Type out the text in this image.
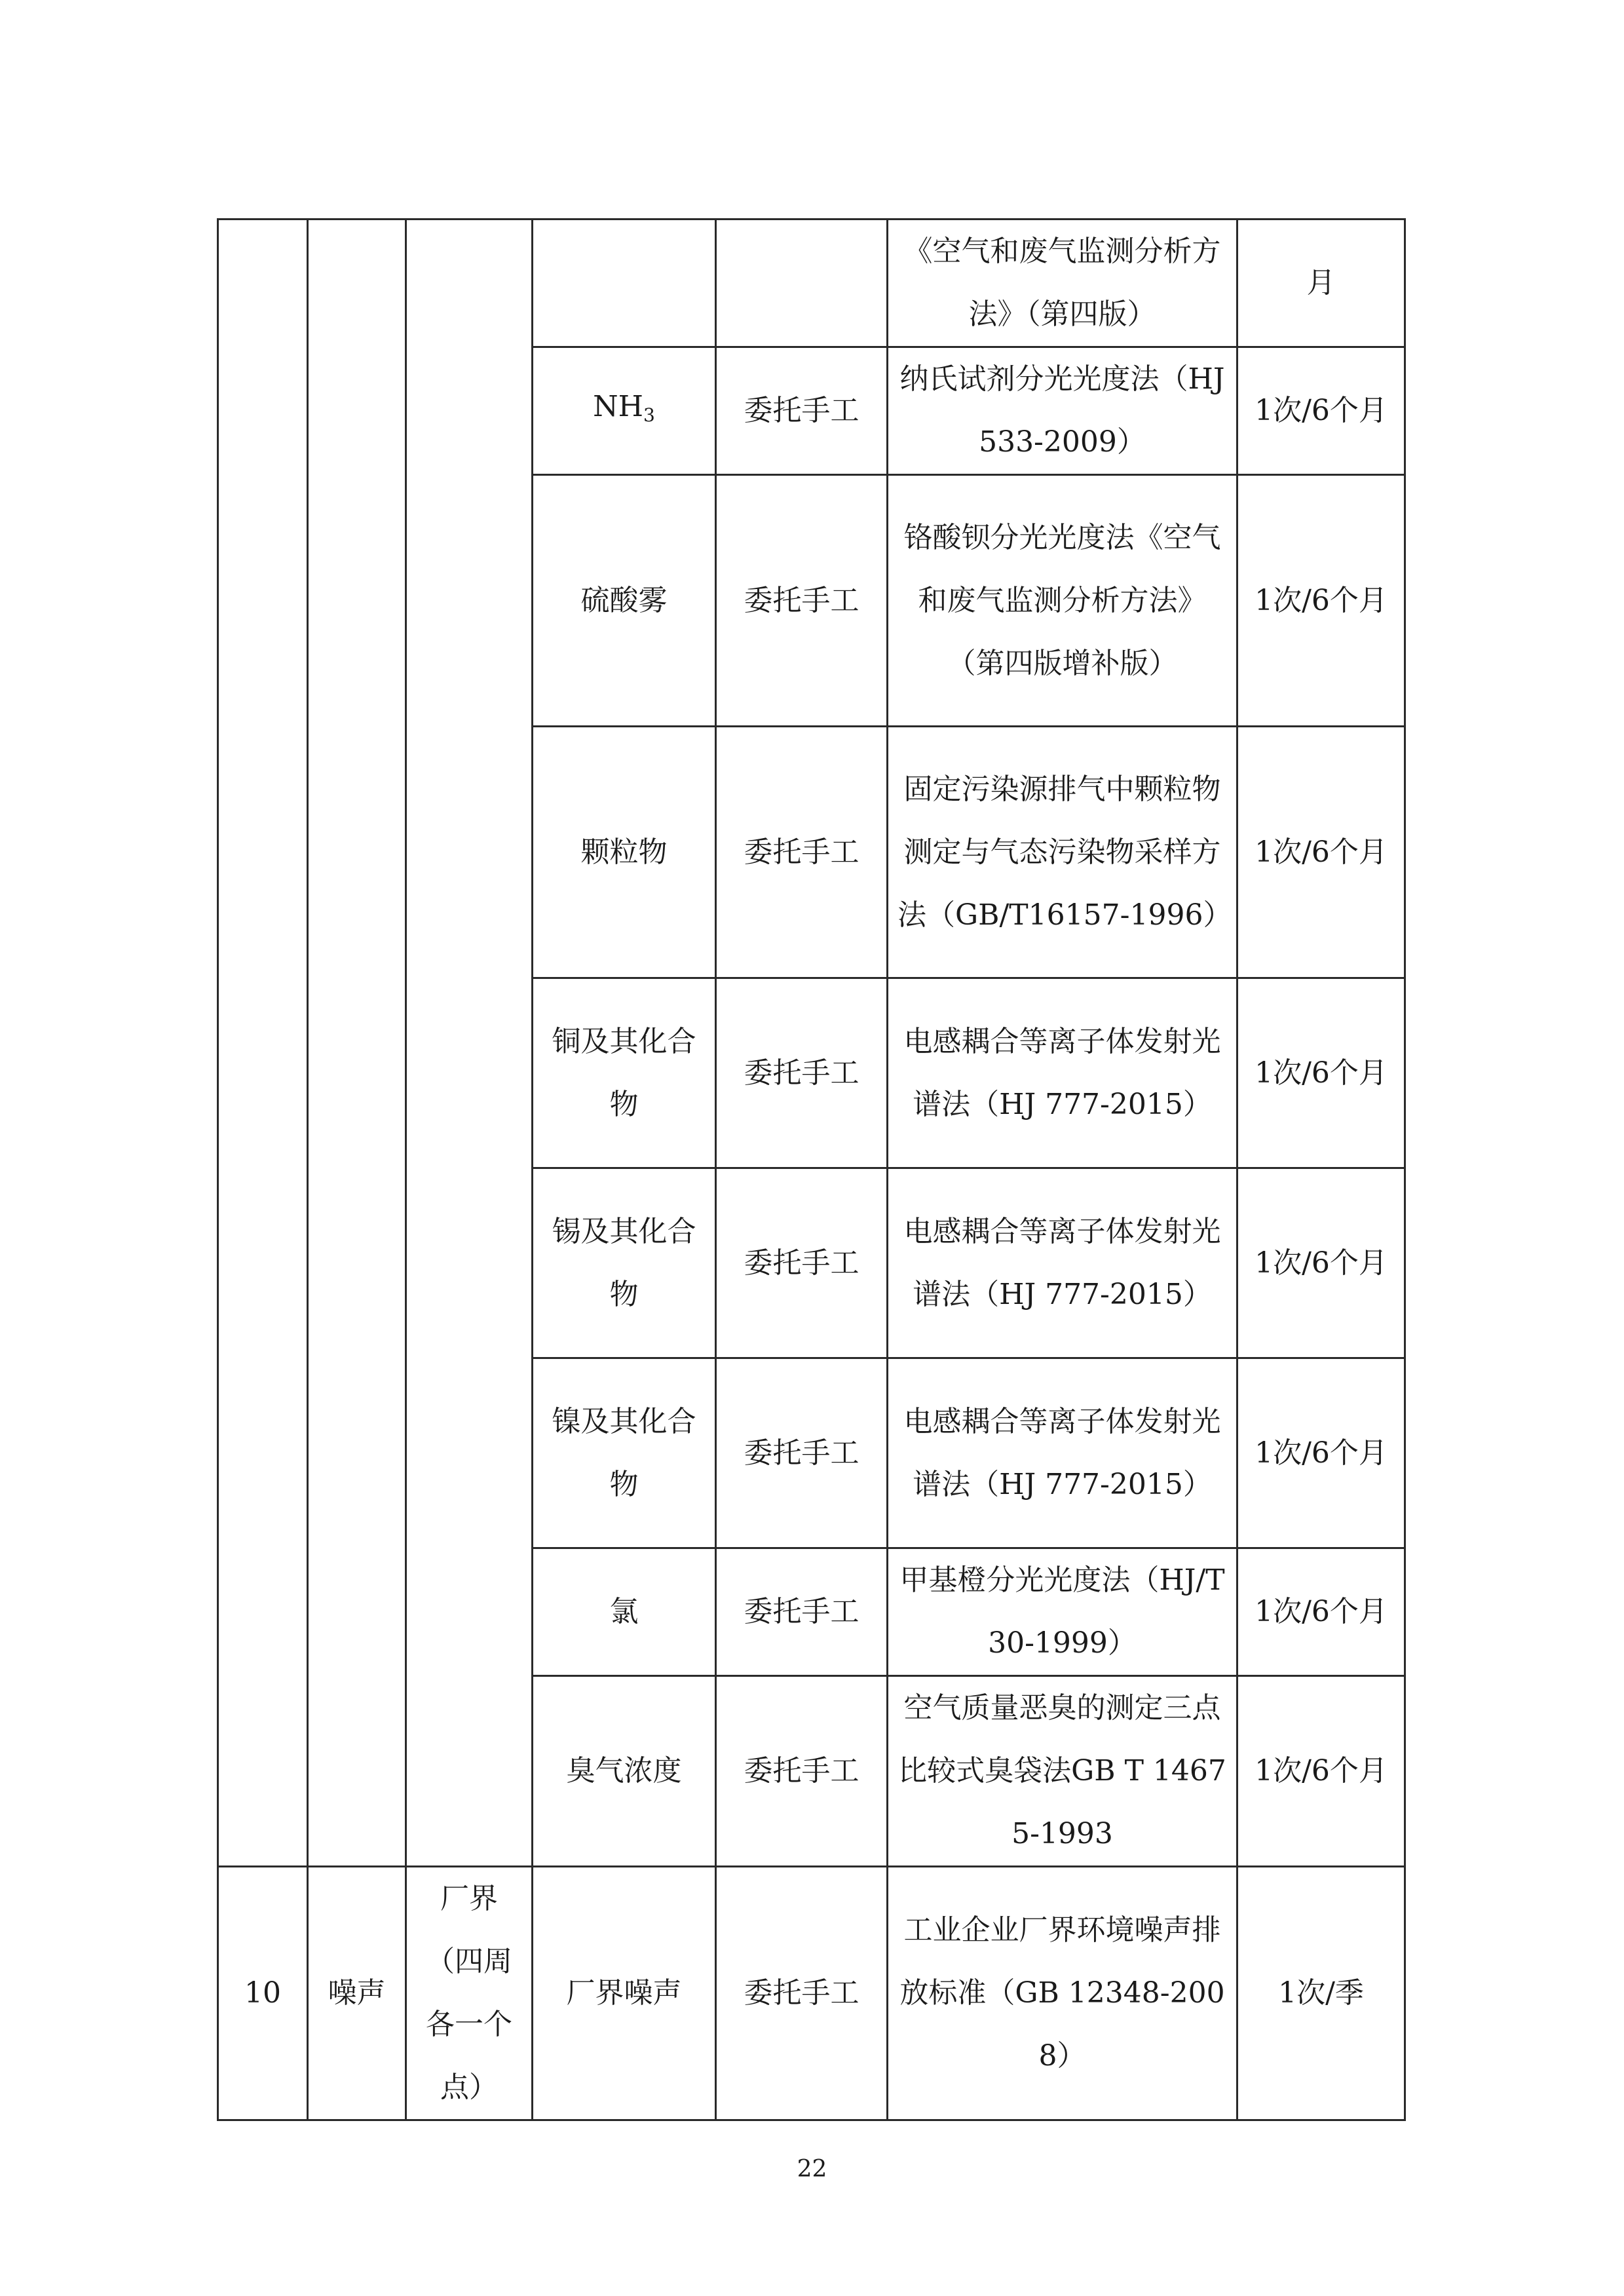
					《空气和废气监测分析方法》（第四版）	月
			$NH_3$	委托手工	纳氏试剂分光光度法（HJ533-2009）	1次/6个月
			硫酸雾	委托手工	铬酸钡分光光度法《空气和废气监测分析方法》（第四版增补版）	1次/6个月
			颗粒物	委托手工	固定污染源排气中颗粒物测定与气态污染物采样方法（GB/T16157-1996）	1次/6个月
			铜及其化合物	委托手工	电感耦合等离子体发射光谱法（HJ 777-2015）	1次/6个月
			锡及其化合物	委托手工	电感耦合等离子体发射光谱法（HJ 777-2015）	1次/6个月
			镍及其化合物	委托手工	电感耦合等离子体发射光谱法（HJ 777-2015）	1次/6个月
			氯	委托手工	甲基橙分光光度法（HJ/T30-1999）	1次/6个月
			臭气浓度	委托手工	空气质量恶臭的测定三点比较式臭袋法GB T 14675-1993	1次/6个月

10	噪声	厂界（四周各一个点）	厂界噪声	委托手工	工业企业厂界环境噪声排放标准（GB 12348-2008）	1次/季
22
